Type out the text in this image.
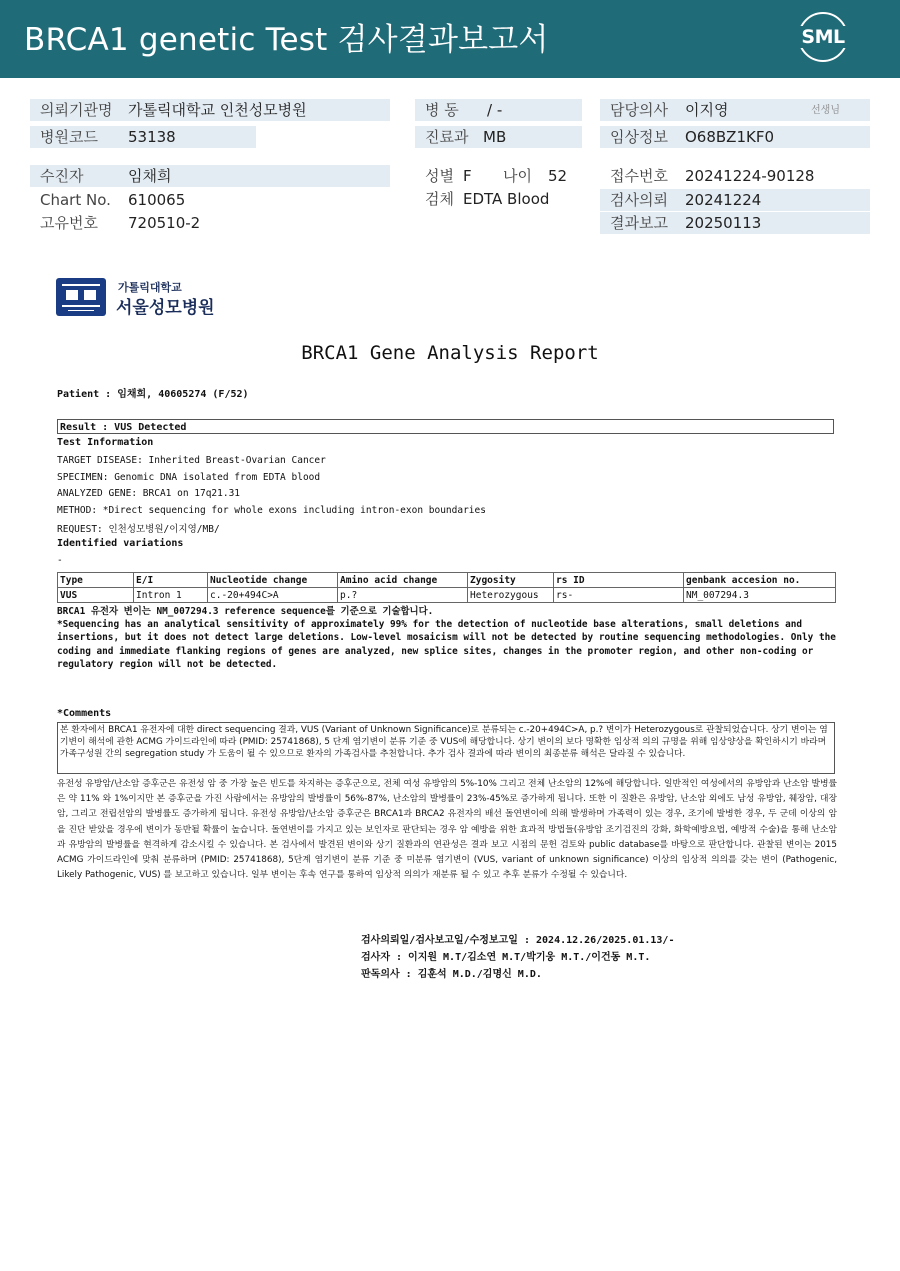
BRCA1 genetic Test 검사결과보고서	SML
의뢰기관명 가톨릭대학교 인천성모병원
병원코드 53138
수진자	임채희
Chart No. 610065
고유번호 720510-2
병 동 / -
진료과 MB
성별 F 나이 52
검체 EDTA Blood
담당의사 이지영	선생님
임상정보 O68BZ1KF0
접수번호 20241224-90128
검사의뢰 20241224
결과보고 20250113
가톨릭대학교
서울성모병원
BRCA1 Gene Analysis Report
Patient : 임채희, 40605274 (F/52)
Result : VUS Detected
Test Information
TARGET DISEASE: Inherited Breast-Ovarian Cancer
SPECIMEN: Genomic DNA isolated from EDTA blood
ANALYZED GENE: BRCA1 on 17q21.31
METHOD: *Direct sequencing for whole exons including intron-exon boundaries
REQUEST: 인천성모병원/이지영/MB/
Identified variations
-
Type	E/I	Nucleotide change	Amino acid change	Zygosity	rs ID	genbank accesion no.
VUS	Intron 1	c.-20+494C>A	p.?	Heterozygous	rs-	NM_007294.3
BRCA1 유전자 변이는 NM_007294.3 reference sequence를 기준으로 기술합니다.
*Sequencing has an analytical sensitivity of approximately 99% for the detection of nucleotide base alterations, small deletions and insertions, but it does not detect large deletions. Low-level mosaicism will not be detected by routine sequencing methodologies. Only the coding and immediate flanking regions of genes are analyzed, new splice sites, changes in the promoter region, and other non-coding or regulatory region will not be detected.
*Comments
본 환자에서 BRCA1 유전자에 대한 direct sequencing 결과, VUS (Variant of Unknown Significance)로 분류되는 c.-20+494C>A, p.? 변이가 Heterozygous로 관찰되었습니다. 상기 변이는 염기변이 해석에 관한 ACMG 가이드라인에 따라 (PMID: 25741868), 5 단계 염기변이 분류 기준 중 VUS에 해당합니다. 상기 변이의 보다 명확한 임상적 의의 규명을 위해 임상양상을 확인하시기 바라며 가족구성원 간의 segregation study 가 도움이 될 수 있으므로 환자의 가족검사를 추천합니다. 추가 검사 결과에 따라 변이의 최종분류 해석은 달라질 수 있습니다.
유전성 유방암/난소암 증후군은 유전성 암 중 가장 높은 빈도를 차지하는 증후군으로, 전체 여성 유방암의 5%-10% 그리고 전체 난소암의 12%에 해당합니다. 일반적인 여성에서의 유방암과 난소암 발병률은 약 11% 와 1%이지만 본 증후군을 가진 사람에서는 유방암의 발병률이 56%-87%, 난소암의 발병률이 23%-45%로 증가하게 됩니다. 또한 이 질환은 유방암, 난소암 외에도 남성 유방암, 췌장암, 대장암, 그리고 전립선암의 발병률도 증가하게 됩니다. 유전성 유방암/난소암 증후군은 BRCA1과 BRCA2 유전자의 배선 돌연변이에 의해 발생하며 가족력이 있는 경우, 조기에 발병한 경우, 두 군데 이상의 암을 진단 받았을 경우에 변이가 동반될 확률이 높습니다. 돌연변이를 가지고 있는 보인자로 판단되는 경우 암 예방을 위한 효과적 방법들(유방암 조기검진의 강화, 화학예방요법, 예방적 수술)을 통해 난소암과 유방암의 발병률을 현격하게 감소시킬 수 있습니다. 본 검사에서 발견된 변이와 상기 질환과의 연관성은 결과 보고 시점의 문헌 검토와 public database를 바탕으로 판단합니다. 관찰된 변이는 2015 ACMG 가이드라인에 맞춰 분류하며 (PMID: 25741868), 5단계 염기변이 분류 기준 중 미분류 염기변이 (VUS, variant of unknown significance) 이상의 임상적 의의를 갖는 변이 (Pathogenic, Likely Pathogenic, VUS) 를 보고하고 있습니다. 일부 변이는 후속 연구를 통하여 임상적 의의가 재분류 될 수 있고 추후 분류가 수정될 수 있습니다.
검사의뢰일/검사보고일/수정보고일 : 2024.12.26/2025.01.13/-
검사자 : 이지원 M.T/김소연 M.T/박기웅 M.T./이건동 M.T.
판독의사 : 김훈석 M.D./김명신 M.D.
